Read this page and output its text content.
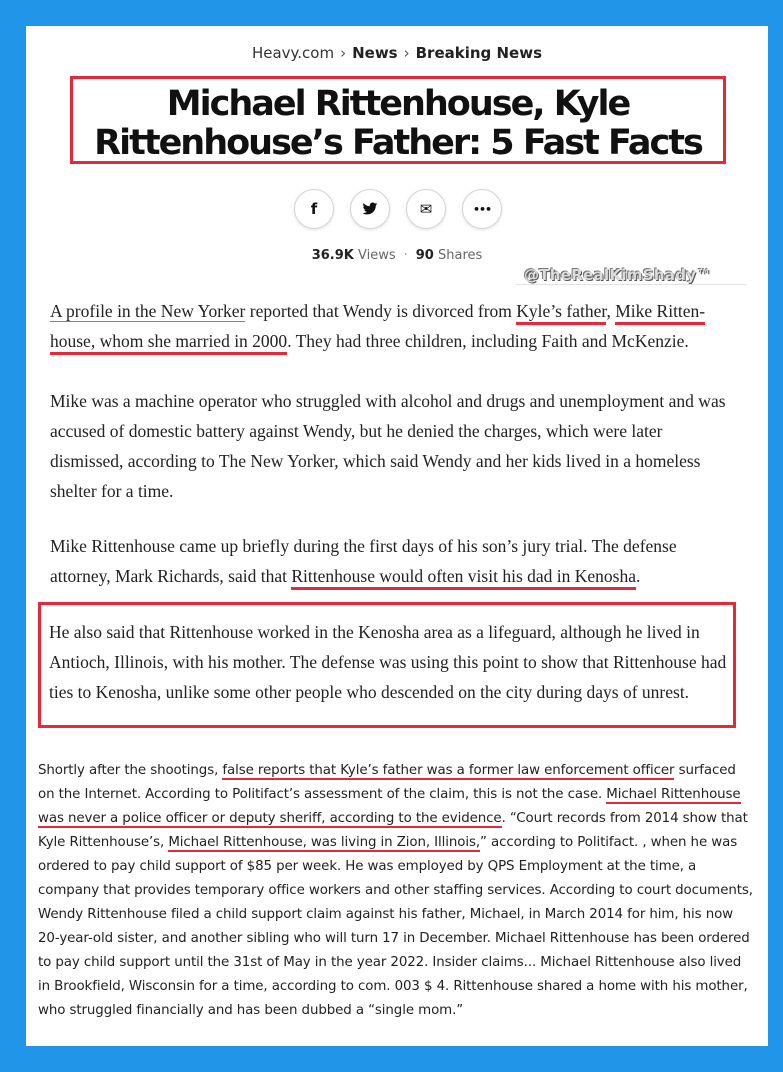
Heavy.com › News › Breaking News
Michael Rittenhouse, Kyle
Rittenhouse’s Father: 5 Fast Facts
f	✉	•••
36.9K Views · 90 Shares
@TheRealKimShady™
A profile in the New Yorker reported that Wendy is divorced from Kyle’s father, Mike Ritten-house, whom she married in 2000. They had three children, including Faith and McKenzie.
Mike was a machine operator who struggled with alcohol and drugs and unemployment and was accused of domestic battery against Wendy, but he denied the charges, which were later dismissed, according to The New Yorker, which said Wendy and her kids lived in a homeless shelter for a time.
Mike Rittenhouse came up briefly during the first days of his son’s jury trial. The defense attorney, Mark Richards, said that Rittenhouse would often visit his dad in Kenosha.
He also said that Rittenhouse worked in the Kenosha area as a lifeguard, although he lived in Antioch, Illinois, with his mother. The defense was using this point to show that Rittenhouse had ties to Kenosha, unlike some other people who descended on the city during days of unrest.
Shortly after the shootings, false reports that Kyle’s father was a former law enforcement officer surfaced on the Internet. According to Politifact’s assessment of the claim, this is not the case. Michael Rittenhouse was never a police officer or deputy sheriff, according to the evidence. “Court records from 2014 show that Kyle Rittenhouse’s, Michael Rittenhouse, was living in Zion, Illinois,” according to Politifact. , when he was ordered to pay child support of $85 per week. He was employed by QPS Employment at the time, a company that provides temporary office workers and other staffing services. According to court documents, Wendy Rittenhouse filed a child support claim against his father, Michael, in March 2014 for him, his now 20-year-old sister, and another sibling who will turn 17 in December. Michael Rittenhouse has been ordered to pay child support until the 31st of May in the year 2022. Insider claims... Michael Rittenhouse also lived in Brookfield, Wisconsin for a time, according to com. 003 $ 4. Rittenhouse shared a home with his mother, who struggled financially and has been dubbed a “single mom.”
